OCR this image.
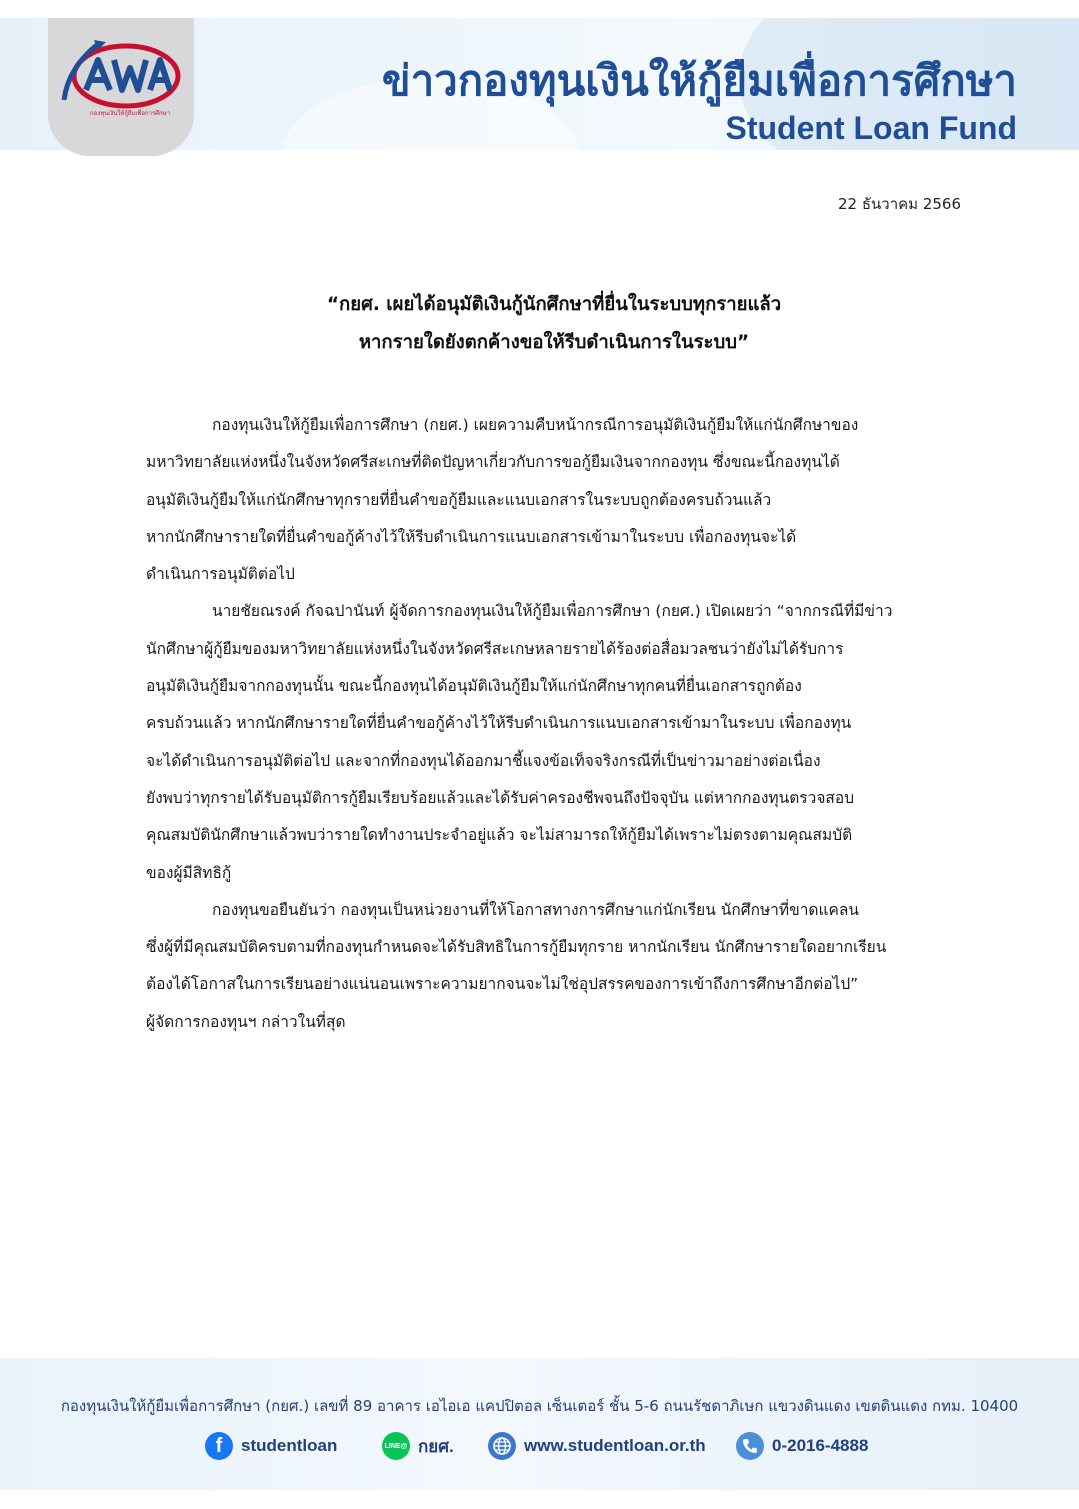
ข่าวกองทุนเงินให้กู้ยืมเพื่อการศึกษา
Student Loan Fund
กองทุนเงินให้กู้ยืมเพื่อการศึกษา
22 ธันวาคม 2566
“กยศ. เผยได้อนุมัติเงินกู้นักศึกษาที่ยื่นในระบบทุกรายแล้ว
หากรายใดยังตกค้างขอให้รีบดำเนินการในระบบ”
กองทุนเงินให้กู้ยืมเพื่อการศึกษา (กยศ.) เผยความคืบหน้ากรณีการอนุมัติเงินกู้ยืมให้แก่นักศึกษาของ
มหาวิทยาลัยแห่งหนึ่งในจังหวัดศรีสะเกษที่ติดปัญหาเกี่ยวกับการขอกู้ยืมเงินจากกองทุน ซึ่งขณะนี้กองทุนได้
อนุมัติเงินกู้ยืมให้แก่นักศึกษาทุกรายที่ยื่นคำขอกู้ยืมและแนบเอกสารในระบบถูกต้องครบถ้วนแล้ว
หากนักศึกษารายใดที่ยื่นคำขอกู้ค้างไว้ให้รีบดำเนินการแนบเอกสารเข้ามาในระบบ เพื่อกองทุนจะได้
ดำเนินการอนุมัติต่อไป
นายชัยณรงค์ กัจฉปานันท์ ผู้จัดการกองทุนเงินให้กู้ยืมเพื่อการศึกษา (กยศ.) เปิดเผยว่า “จากกรณีที่มีข่าว
นักศึกษาผู้กู้ยืมของมหาวิทยาลัยแห่งหนึ่งในจังหวัดศรีสะเกษหลายรายได้ร้องต่อสื่อมวลชนว่ายังไม่ได้รับการ
อนุมัติเงินกู้ยืมจากกองทุนนั้น ขณะนี้กองทุนได้อนุมัติเงินกู้ยืมให้แก่นักศึกษาทุกคนที่ยื่นเอกสารถูกต้อง
ครบถ้วนแล้ว หากนักศึกษารายใดที่ยื่นคำขอกู้ค้างไว้ให้รีบดำเนินการแนบเอกสารเข้ามาในระบบ เพื่อกองทุน
จะได้ดำเนินการอนุมัติต่อไป และจากที่กองทุนได้ออกมาชี้แจงข้อเท็จจริงกรณีที่เป็นข่าวมาอย่างต่อเนื่อง
ยังพบว่าทุกรายได้รับอนุมัติการกู้ยืมเรียบร้อยแล้วและได้รับค่าครองชีพจนถึงปัจจุบัน แต่หากกองทุนตรวจสอบ
คุณสมบัตินักศึกษาแล้วพบว่ารายใดทำงานประจำอยู่แล้ว จะไม่สามารถให้กู้ยืมได้เพราะไม่ตรงตามคุณสมบัติ
ของผู้มีสิทธิกู้
กองทุนขอยืนยันว่า กองทุนเป็นหน่วยงานที่ให้โอกาสทางการศึกษาแก่นักเรียน นักศึกษาที่ขาดแคลน
ซึ่งผู้ที่มีคุณสมบัติครบตามที่กองทุนกำหนดจะได้รับสิทธิในการกู้ยืมทุกราย หากนักเรียน นักศึกษารายใดอยากเรียน
ต้องได้โอกาสในการเรียนอย่างแน่นอนเพราะความยากจนจะไม่ใช่อุปสรรคของการเข้าถึงการศึกษาอีกต่อไป”
ผู้จัดการกองทุนฯ กล่าวในที่สุด
กองทุนเงินให้กู้ยืมเพื่อการศึกษา (กยศ.) เลขที่ 89 อาคาร เอไอเอ แคปปิตอล เซ็นเตอร์ ชั้น 5-6 ถนนรัชดาภิเษก แขวงดินแดง เขตดินแดง กทม. 10400
f	studentloan	LINE@ กยศ.	www.studentloan.or.th	0-2016-4888
